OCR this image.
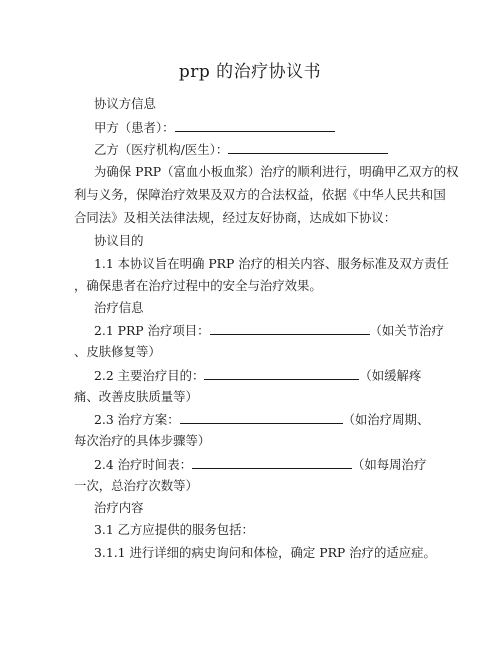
prp 的治疗协议书
协议方信息
甲方（患者）：
乙方（医疗机构/医生）：
为确保 PRP（富血小板血浆）治疗的顺利进行，明确甲乙双方的权
利与义务，保障治疗效果及双方的合法权益，依据《中华人民共和国
合同法》及相关法律法规，经过友好协商，达成如下协议：
协议目的
1.1 本协议旨在明确 PRP 治疗的相关内容、服务标准及双方责任
，确保患者在治疗过程中的安全与治疗效果。
治疗信息
2.1 PRP 治疗项目：	（如关节治疗
、皮肤修复等）
2.2 主要治疗目的：	（如缓解疼
痛、改善皮肤质量等）
2.3 治疗方案：	（如治疗周期、
每次治疗的具体步骤等）
2.4 治疗时间表：	（如每周治疗
一次，总治疗次数等）
治疗内容
3.1 乙方应提供的服务包括：
3.1.1 进行详细的病史询问和体检，确定 PRP 治疗的适应症。
